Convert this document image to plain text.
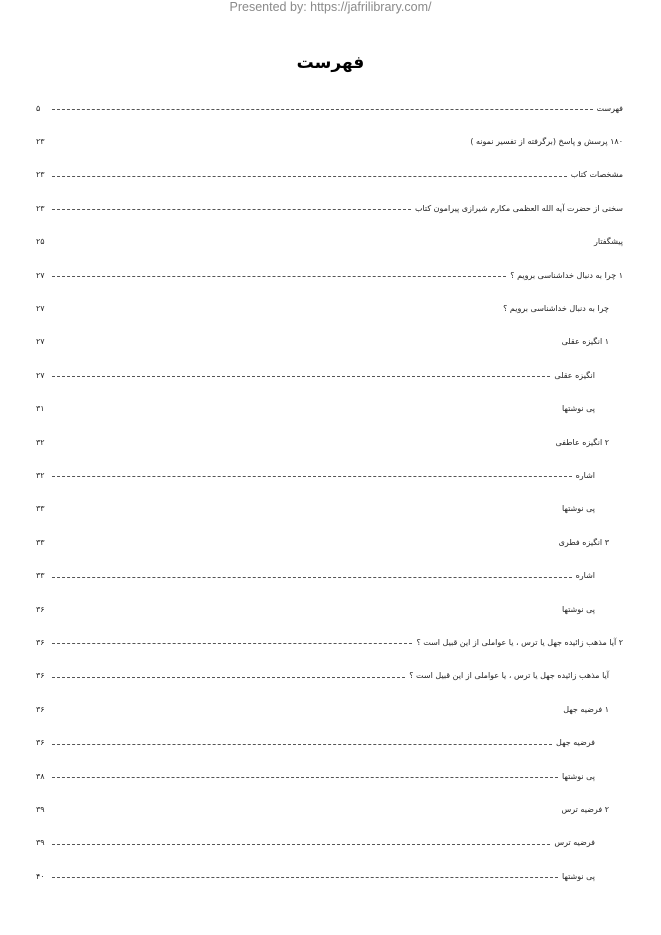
Presented by: https://jafrilibrary.com/
فهرست
۵	فهرست
۲۳	۱۸۰ پرسش و پاسخ (برگرفته از تفسیر نمونه )
۲۳	مشخصات کتاب
۲۳	سخنی از حضرت آیه الله العظمی مکارم شیرازی پیرامون کتاب
۲۵	پیشگفتار
۲۷	۱ چرا به دنبال خداشناسی برویم ؟
۲۷	چرا به دنبال خداشناسی برویم ؟
۲۷	۱ انگیزه عقلی
۲۷	انگیزه عقلی
۳۱	پی نوشتها
۳۲	۲ انگیزه عاطفی
۳۲	اشاره
۳۳	پی نوشتها
۳۳	۳ انگیزه فطری
۳۳	اشاره
۳۶	پی نوشتها
۳۶	۲ آیا مذهب زائیده جهل یا ترس ، یا عواملی از این قبیل است ؟
۳۶	آیا مذهب زائیده جهل یا ترس ، یا عواملی از این قبیل است ؟
۳۶	۱ فرضیه جهل
۳۶	فرضیه جهل
۳۸	پی نوشتها
۳۹	۲ فرضیه ترس
۳۹	فرضیه ترس
۴۰	پی نوشتها
